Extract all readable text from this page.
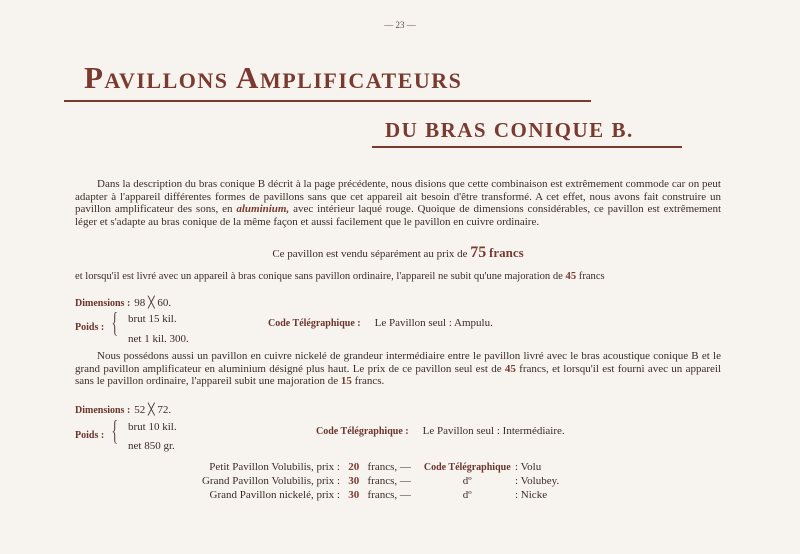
— 23 —
Pavillons Amplificateurs
DU BRAS CONIQUE B.
Dans la description du bras conique B décrit à la page précédente, nous disions que cette combinaison est extrêmement commode car on peut adapter à l'appareil différentes formes de pavillons sans que cet appareil ait besoin d'être transformé. A cet effet, nous avons fait construire un pavillon amplificateur des sons, en aluminium, avec intérieur laqué rouge. Quoique de dimensions considérables, ce pavillon est extrêmement léger et s'adapte au bras conique de la même façon et aussi facilement que le pavillon en cuivre ordinaire.
Ce pavillon est vendu séparément au prix de 75 francs
et lorsqu'il est livré avec un appareil à bras conique sans pavillon ordinaire, l'appareil ne subit qu'une majoration de 45 francs
Dimensions : 98 ╳ 60.
Poids : { brut 15 kil.
net 1 kil. 300.
Code Télégraphique : Le Pavillon seul : Ampulu.
Nous possédons aussi un pavillon en cuivre nickelé de grandeur intermédiaire entre le pavillon livré avec le bras acoustique conique B et le grand pavillon amplificateur en aluminium désigné plus haut. Le prix de ce pavillon seul est de 45 francs, et lorsqu'il est fourni avec un appareil sans le pavillon ordinaire, l'appareil subit une majoration de 15 francs.
Dimensions : 52 ╳ 72.
Poids : { brut 10 kil.
net 850 gr.
Code Télégraphique : Le Pavillon seul : Intermédiaire.
Petit Pavillon Volubilis, prix : 20 francs, — Code Télégraphique : Volu
Grand Pavillon Volubilis, prix : 30 francs, —	dº	: Volubey.
Grand Pavillon nickelé, prix : 30 francs, —	dº	: Nicke
